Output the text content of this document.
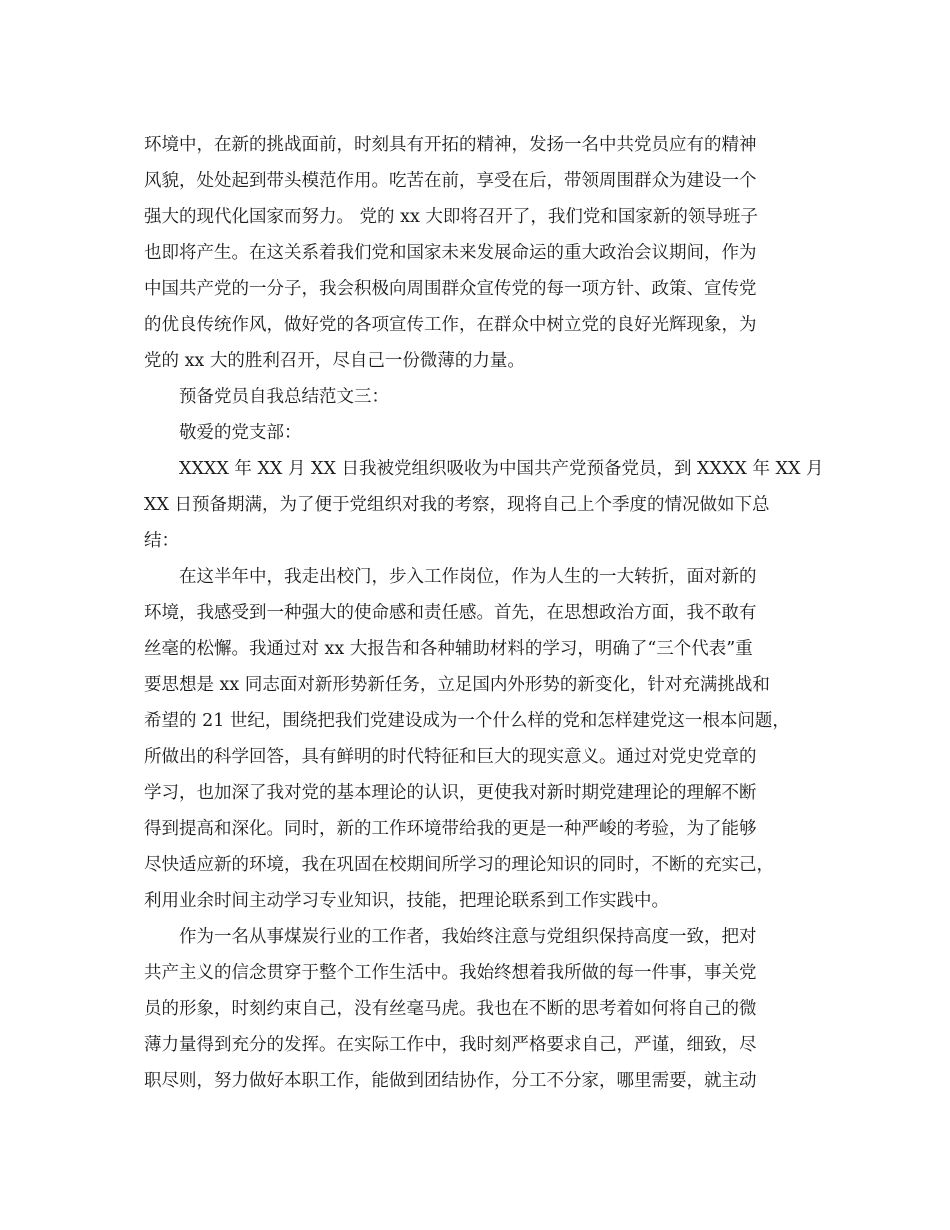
环境中，在新的挑战面前，时刻具有开拓的精神，发扬一名中共党员应有的精神
风貌，处处起到带头模范作用。吃苦在前，享受在后，带领周围群众为建设一个
强大的现代化国家而努力。 党的 xx 大即将召开了，我们党和国家新的领导班子
也即将产生。在这关系着我们党和国家未来发展命运的重大政治会议期间，作为
中国共产党的一分子，我会积极向周围群众宣传党的每一项方针、政策、宣传党
的优良传统作风，做好党的各项宣传工作，在群众中树立党的良好光辉现象，为
党的 xx 大的胜利召开，尽自己一份微薄的力量。
预备党员自我总结范文三：
敬爱的党支部：
XXXX 年 XX 月 XX 日我被党组织吸收为中国共产党预备党员，到 XXXX 年 XX 月
XX 日预备期满，为了便于党组织对我的考察，现将自己上个季度的情况做如下总
结：
在这半年中，我走出校门，步入工作岗位，作为人生的一大转折，面对新的
环境，我感受到一种强大的使命感和责任感。首先，在思想政治方面，我不敢有
丝毫的松懈。我通过对 xx 大报告和各种辅助材料的学习，明确了“三个代表”重
要思想是 xx 同志面对新形势新任务，立足国内外形势的新变化，针对充满挑战和
希望的 21 世纪，围绕把我们党建设成为一个什么样的党和怎样建党这一根本问题，
所做出的科学回答，具有鲜明的时代特征和巨大的现实意义。通过对党史党章的
学习，也加深了我对党的基本理论的认识，更使我对新时期党建理论的理解不断
得到提高和深化。同时，新的工作环境带给我的更是一种严峻的考验，为了能够
尽快适应新的环境，我在巩固在校期间所学习的理论知识的同时，不断的充实己，
利用业余时间主动学习专业知识，技能，把理论联系到工作实践中。
作为一名从事煤炭行业的工作者，我始终注意与党组织保持高度一致，把对
共产主义的信念贯穿于整个工作生活中。我始终想着我所做的每一件事，事关党
员的形象，时刻约束自己，没有丝毫马虎。我也在不断的思考着如何将自己的微
薄力量得到充分的发挥。在实际工作中，我时刻严格要求自己，严谨，细致，尽
职尽则，努力做好本职工作，能做到团结协作，分工不分家，哪里需要，就主动
